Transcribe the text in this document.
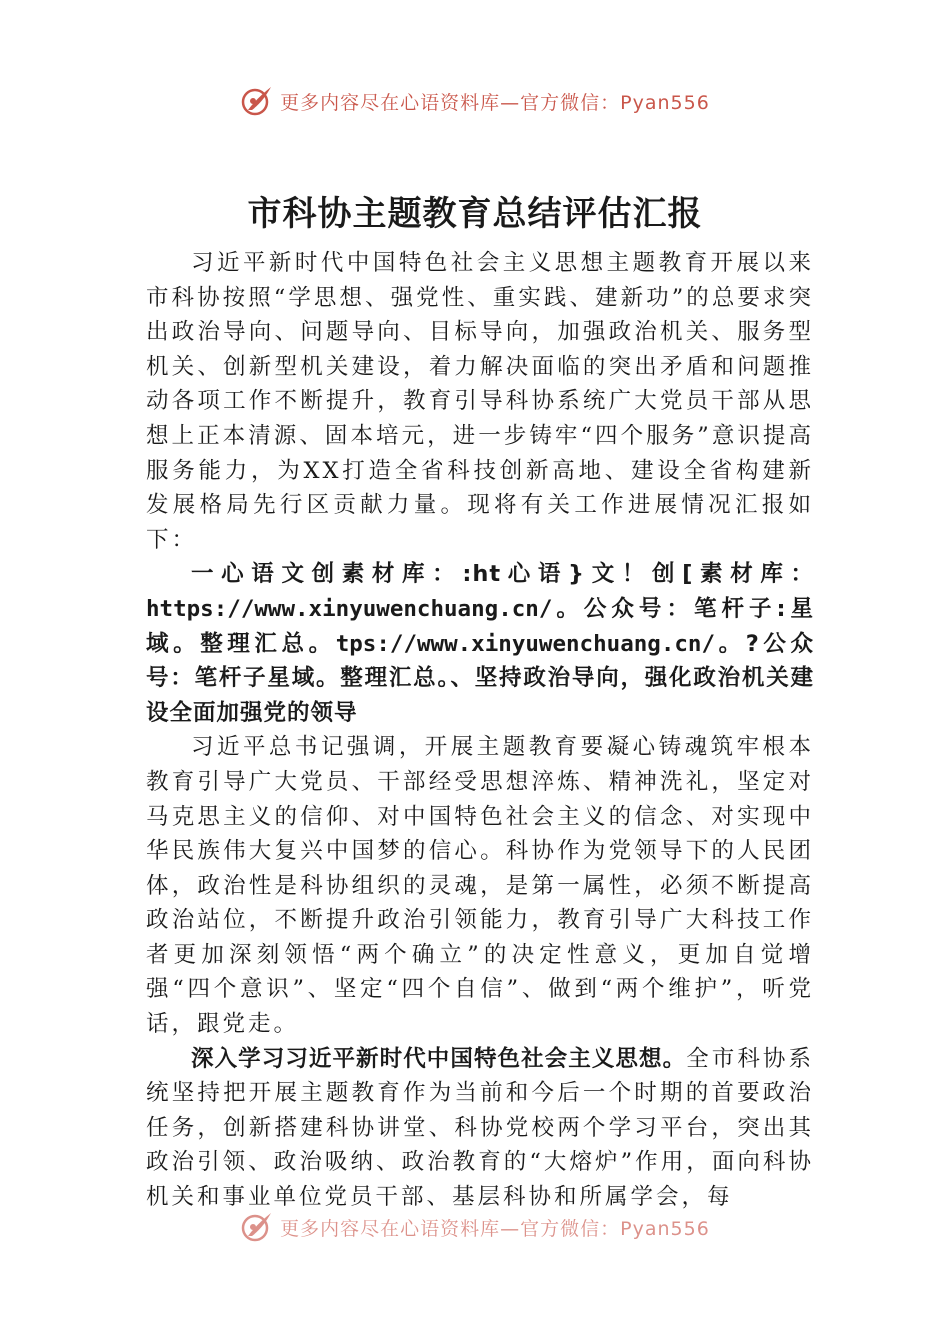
更多内容尽在心语资料库—官方微信：Pyan556
市科协主题教育总结评估汇报

习近平新时代中国特色社会主义思想主题教育开展以来市科协按照“学思想、强党性、重实践、建新功”的总要求突出政治导向、问题导向、目标导向，加强政治机关、服务型机关、创新型机关建设，着力解决面临的突出矛盾和问题推动各项工作不断提升，教育引导科协系统广大党员干部从思想上正本清源、固本培元，进一步铸牢“四个服务”意识提高服务能力，为XX打造全省科技创新高地、建设全省构建新发展格局先行区贡献力量。现将有关工作进展情况汇报如下：

一心语文创素材库：:ht心语}文！创[素材库：https://www.xinyuwenchuang.cn/。公众号：笔杆子:星域。整理汇总。tps://www.xinyuwenchuang.cn/。?公众号：笔杆子星域。整理汇总。、坚持政治导向，强化政治机关建设全面加强党的领导

习近平总书记强调，开展主题教育要凝心铸魂筑牢根本教育引导广大党员、干部经受思想淬炼、精神洗礼，坚定对马克思主义的信仰、对中国特色社会主义的信念、对实现中华民族伟大复兴中国梦的信心。科协作为党领导下的人民团体，政治性是科协组织的灵魂，是第一属性，必须不断提高政治站位，不断提升政治引领能力，教育引导广大科技工作者更加深刻领悟“两个确立”的决定性意义，更加自觉增强“四个意识”、坚定“四个自信”、做到“两个维护”，听党话，跟党走。

深入学习习近平新时代中国特色社会主义思想。全市科协系统坚持把开展主题教育作为当前和今后一个时期的首要政治任务，创新搭建科协讲堂、科协党校两个学习平台，突出其政治引领、政治吸纳、政治教育的“大熔炉”作用，面向科协机关和事业单位党员干部、基层科协和所属学会，每

更多内容尽在心语资料库—官方微信：Pyan556
